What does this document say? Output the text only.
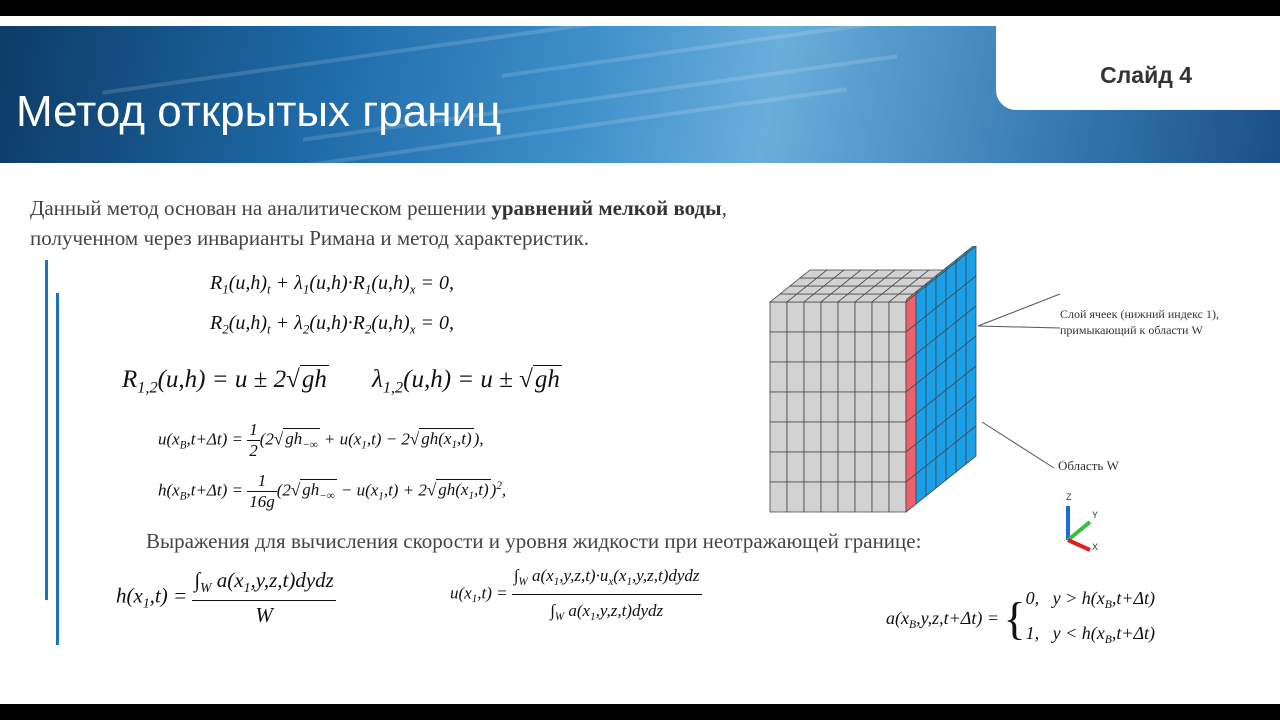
Метод открытых границ
Слайд 4
Данный метод основан на аналитическом решении уравнений мелкой воды,
полученном через инварианты Римана и метод характеристик.
$R_1(u,h)_t + \lambda_1(u,h)\cdot R_1(u,h)_x = 0$,
$R_2(u,h)_t + \lambda_2(u,h)\cdot R_2(u,h)_x = 0$,
$R_{1,2}(u,h) = u \pm 2√gh$ $\lambda_{1,2}(u,h) = u \pm √gh$
$u(x_B,t+\Delta t) = \frac{1}{2} (2√$ $gh_{-\infty} + u(x_1,t) - 2√$ $gh(x_1,t)$ ),
$h(x_B,t+\Delta t) = \frac{1}{16g} (2√$ $gh_{-\infty} - u(x_1,t) + 2√$ $gh(x_1,t)$ )$^2$,
Выражения для вычисления скорости и уровня жидкости при неотражающей границе:
$h(x_1,t) = \frac{\int_W a(x_1,y,z,t)dydz}{W}$	$u(x_1,t) = \frac{\int_W a(x_1,y,z,t)\cdot u_x(x_1,y,z,t)dydz}{\int_W a(x_1,y,z,t)dydz}$	$a(x_B,y,z,t+\Delta t) = \{0$,   $y > h(x_B,t+\Delta t)$
1,   $y < h(x_B,t+\Delta t)$
Слой ячеек (нижний индекс 1),
примыкающий к области W
Область W
Z
Y
X
